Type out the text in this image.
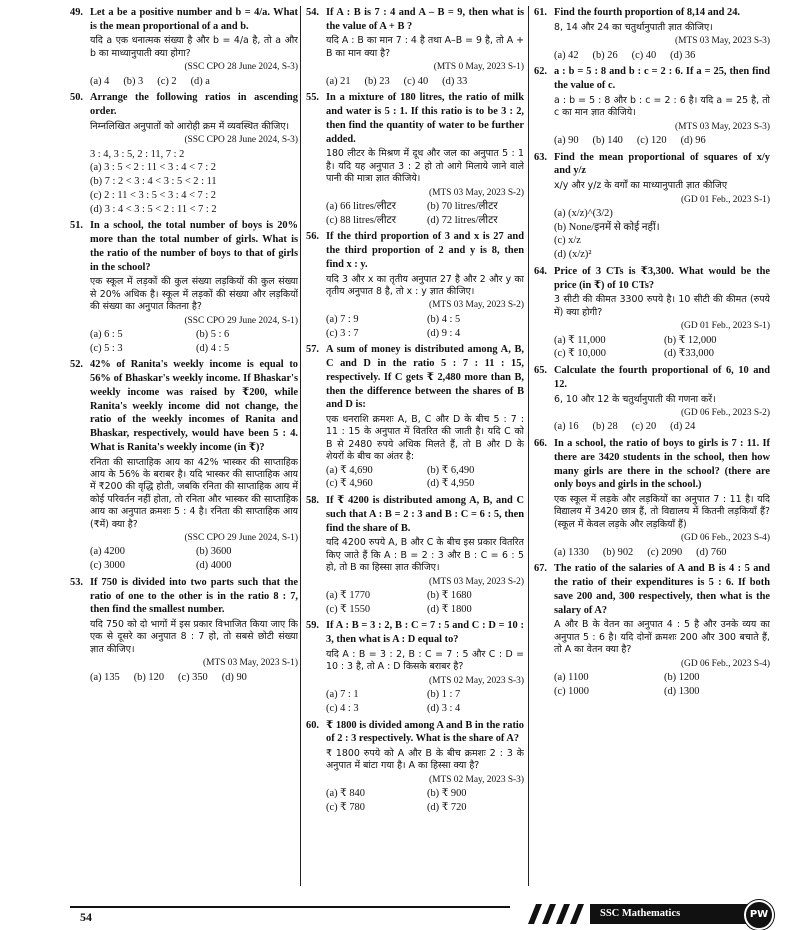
49. Let a be a positive number and b = 4/a. What is the mean proportional of a and b.
यदि a एक धनात्मक संख्या है और b = 4/a है, तो a और b का माध्यानुपाती क्या होगा?
(SSC CPO 28 June 2024, S-3)
(a) 4 (b) 3 (c) 2 (d) a
50. Arrange the following ratios in ascending order.
निम्नलिखित अनुपातों को आरोही क्रम में व्यवस्थित कीजिए।
(SSC CPO 28 June 2024, S-3)
3 : 4, 3 : 5, 2 : 11, 7 : 2
(a) 3 : 5 < 2 : 11 < 3 : 4 < 7 : 2
(b) 7 : 2 < 3 : 4 < 3 : 5 < 2 : 11
(c) 2 : 11 < 3 : 5 < 3 : 4 < 7 : 2
(d) 3 : 4 < 3 : 5 < 2 : 11 < 7 : 2
51. In a school, the total number of boys is 20% more than the total number of girls. What is the ratio of the number of boys to that of girls in the school?
एक स्कूल में लड़कों की कुल संख्या लड़कियों की कुल संख्या से 20% अधिक है। स्कूल में लड़कों की संख्या और लड़कियों की संख्या का अनुपात कितना है?
(SSC CPO 29 June 2024, S-1)
(a) 6 : 5	(b) 5 : 6
(c) 5 : 3	(d) 4 : 5
52. 42% of Ranita's weekly income is equal to 56% of Bhaskar's weekly income. If Bhaskar's weekly income was raised by ₹200, while Ranita's weekly income did not change, the ratio of the weekly incomes of Ranita and Bhaskar, respectively, would have been 5 : 4. What is Ranita's weekly income (in ₹)?
रनिता की साप्ताहिक आय का 42% भास्कर की साप्ताहिक आय के 56% के बराबर है। यदि भास्कर की साप्ताहिक आय में ₹200 की वृद्धि होती, जबकि रनिता की साप्ताहिक आय में कोई परिवर्तन नहीं होता, तो रनिता और भास्कर की साप्ताहिक आय का अनुपात क्रमशः 5 : 4 है। रनिता की साप्ताहिक आय (₹में) क्या है?
(SSC CPO 29 June 2024, S-1)
(a) 4200	(b) 3600
(c) 3000	(d) 4000
53. If 750 is divided into two parts such that the ratio of one to the other is in the ratio 8 : 7, then find the smallest number.
यदि 750 को दो भागों में इस प्रकार विभाजित किया जाए कि एक से दूसरे का अनुपात 8 : 7 हो, तो सबसे छोटी संख्या ज्ञात कीजिए।
(MTS 03 May, 2023 S-1)
(a) 135 (b) 120 (c) 350 (d) 90
54. If A : B is 7 : 4 and A – B = 9, then what is the value of A + B ?
यदि A : B का मान 7 : 4 है तथा A–B = 9 है, तो A + B का मान क्या है?
(MTS 0 May, 2023 S-1)
(a) 21 (b) 23 (c) 40 (d) 33
55. In a mixture of 180 litres, the ratio of milk and water is 5 : 1. If this ratio is to be 3 : 2, then find the quantity of water to be further added.
180 लीटर के मिश्रण में दूध और जल का अनुपात 5 : 1 है। यदि यह अनुपात 3 : 2 हो तो आगे मिलाये जाने वाले पानी की मात्रा ज्ञात कीजिये।
(MTS 03 May, 2023 S-2)
(a) 66 litres/लीटर	(b) 70 litres/लीटर
(c) 88 litres/लीटर	(d) 72 litres/लीटर
56. If the third proportion of 3 and x is 27 and the third proportion of 2 and y is 8, then find x : y.
यदि 3 और x का तृतीय अनुपात 27 है और 2 और y का तृतीय अनुपात 8 है, तो x : y ज्ञात कीजिए।
(MTS 03 May, 2023 S-2)
(a) 7 : 9	(b) 4 : 5
(c) 3 : 7	(d) 9 : 4
57. A sum of money is distributed among A, B, C and D in the ratio 5 : 7 : 11 : 15, respectively. If C gets ₹ 2,480 more than B, then the difference between the shares of B and D is:
एक धनराशि क्रमशः A, B, C और D के बीच 5 : 7 : 11 : 15 के अनुपात में वितरित की जाती है। यदि C को B से 2480 रुपये अधिक मिलते हैं, तो B और D के शेयरों के बीच का अंतर है:
(a) ₹ 4,690	(b) ₹ 6,490
(c) ₹ 4,960	(d) ₹ 4,950
58. If ₹ 4200 is distributed among A, B, and C such that A : B = 2 : 3 and B : C = 6 : 5, then find the share of B.
यदि 4200 रुपये A, B और C के बीच इस प्रकार वितरित किए जाते हैं कि A : B = 2 : 3 और B : C = 6 : 5 हो, तो B का हिस्सा ज्ञात कीजिए।
(MTS 03 May, 2023 S-2)
(a) ₹ 1770	(b) ₹ 1680
(c) ₹ 1550	(d) ₹ 1800
59. If A : B = 3 : 2, B : C = 7 : 5 and C : D = 10 : 3, then what is A : D equal to?
यदि A : B = 3 : 2, B : C = 7 : 5 और C : D = 10 : 3 है, तो A : D किसके बराबर है?
(MTS 02 May, 2023 S-3)
(a) 7 : 1	(b) 1 : 7
(c) 4 : 3	(d) 3 : 4
60. ₹ 1800 is divided among A and B in the ratio of 2 : 3 respectively. What is the share of A?
₹ 1800 रुपये को A और B के बीच क्रमशः 2 : 3 के अनुपात में बांटा गया है। A का हिस्सा क्या है?
(MTS 02 May, 2023 S-3)
(a) ₹ 840	(b) ₹ 900
(c) ₹ 780	(d) ₹ 720
61. Find the fourth proportion of 8,14 and 24.
8, 14 और 24 का चतुर्थानुपाती ज्ञात कीजिए।
(MTS 03 May, 2023 S-3)
(a) 42 (b) 26 (c) 40 (d) 36
62. a : b = 5 : 8 and b : c = 2 : 6. If a = 25, then find the value of c.
a : b = 5 : 8 और b : c = 2 : 6 है। यदि a = 25 है, तो c का मान ज्ञात कीजिये।
(MTS 03 May, 2023 S-3)
(a) 90 (b) 140 (c) 120 (d) 96
63. Find the mean proportional of squares of x/y and y/z
x/y और y/z के वर्गों का माध्यानुपाती ज्ञात कीजिए
(GD 01 Feb., 2023 S-1)
(a) (x/z)^(3/2)
(b) None/इनमें से कोई नहीं।
(c) x/z
(d) (x/z)²
64. Price of 3 CTs is ₹3,300. What would be the price (in ₹) of 10 CTs?
3 सीटी की कीमत 3300 रुपये है। 10 सीटी की कीमत (रुपये में) क्या होगी?
(GD 01 Feb., 2023 S-1)
(a) ₹ 11,000	(b) ₹ 12,000
(c) ₹ 10,000	(d) ₹33,000
65. Calculate the fourth proportional of 6, 10 and 12.
6, 10 और 12 के चतुर्थानुपाती की गणना करें।
(GD 06 Feb., 2023 S-2)
(a) 16 (b) 28 (c) 20 (d) 24
66. In a school, the ratio of boys to girls is 7 : 11. If there are 3420 students in the school, then how many girls are there in the school? (there are only boys and girls in the school.)
एक स्कूल में लड़के और लड़कियों का अनुपात 7 : 11 है। यदि विद्यालय में 3420 छात्र हैं, तो विद्यालय में कितनी लड़कियाँ हैं? (स्कूल में केवल लड़के और लड़कियाँ हैं)
(GD 06 Feb., 2023 S-4)
(a) 1330 (b) 902 (c) 2090 (d) 760
67. The ratio of the salaries of A and B is 4 : 5 and the ratio of their expenditures is 5 : 6. If both save 200 and, 300 respectively, then what is the salary of A?
A और B के वेतन का अनुपात 4 : 5 है और उनके व्यय का अनुपात 5 : 6 है। यदि दोनों क्रमशः 200 और 300 बचाते हैं, तो A का वेतन क्या है?
(GD 06 Feb., 2023 S-4)
(a) 1100	(b) 1200
(c) 1000	(d) 1300
54	SSC Mathematics	PW
